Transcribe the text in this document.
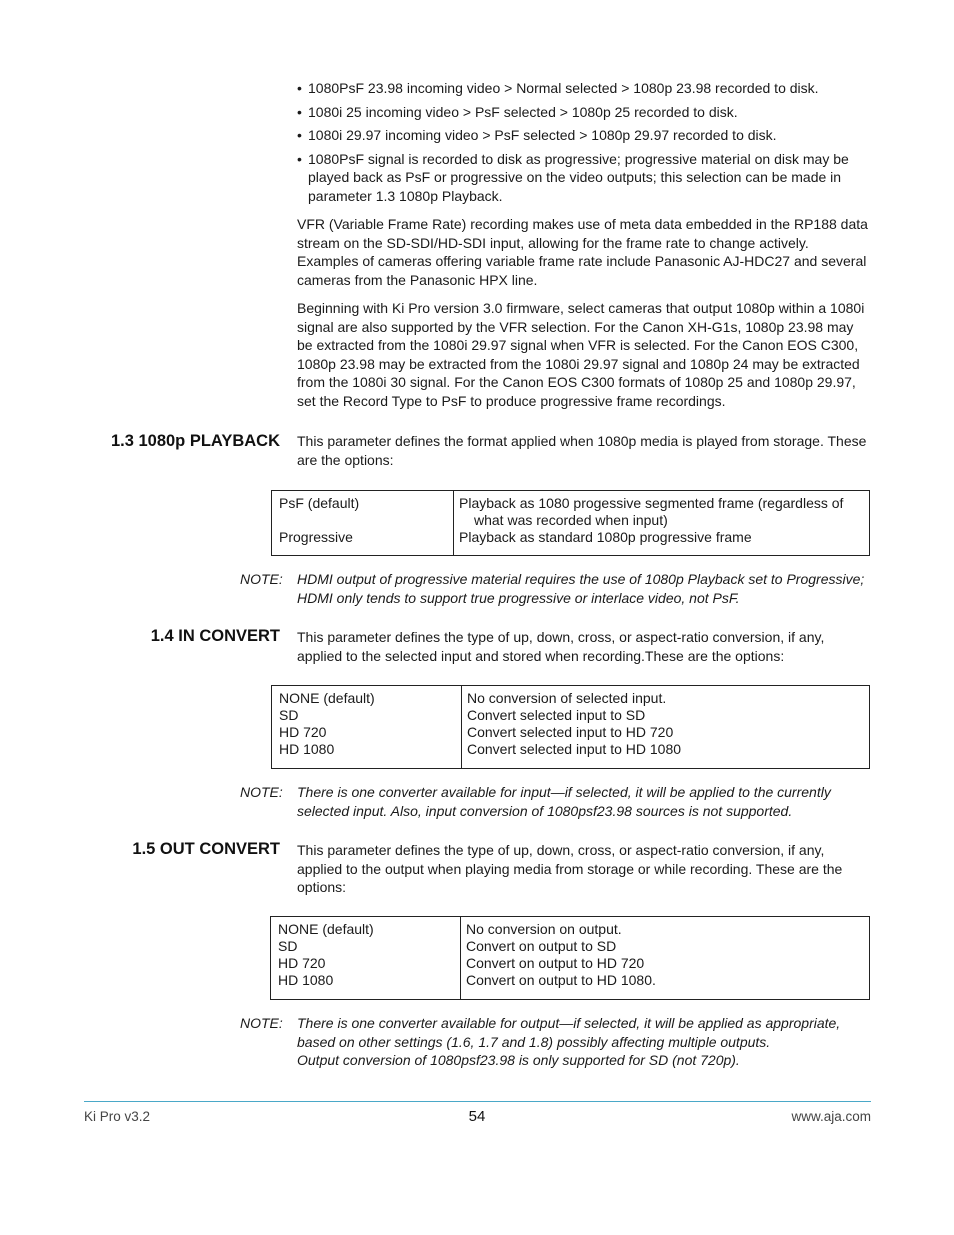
• 1080PsF 23.98 incoming video > Normal selected > 1080p 23.98 recorded to disk.
• 1080i 25 incoming video > PsF selected > 1080p 25 recorded to disk.
• 1080i 29.97 incoming video > PsF selected > 1080p 29.97 recorded to disk.
• 1080PsF signal is recorded to disk as progressive; progressive material on disk may be played back as PsF or progressive on the video outputs; this selection can be made in parameter 1.3 1080p Playback.

VFR (Variable Frame Rate) recording makes use of meta data embedded in the RP188 data stream on the SD-SDI/HD-SDI input, allowing for the frame rate to change actively. Examples of cameras offering variable frame rate include Panasonic AJ-HDC27 and several cameras from the Panasonic HPX line.

Beginning with Ki Pro version 3.0 firmware, select cameras that output 1080p within a 1080i signal are also supported by the VFR selection. For the Canon XH-G1s, 1080p 23.98 may be extracted from the 1080i 29.97 signal when VFR is selected. For the Canon EOS C300, 1080p 23.98 may be extracted from the 1080i 29.97 signal and 1080p 24 may be extracted from the 1080i 30 signal. For the Canon EOS C300 formats of 1080p 25 and 1080p 29.97, set the Record Type to PsF to produce progressive frame recordings.

1.3 1080p PLAYBACK This parameter defines the format applied when 1080p media is played from storage. These are the options:

PsF (default)
Progressive
Playback as 1080 progessive segmented frame (regardless of
what was recorded when input)
Playback as standard 1080p progressive frame
NOTE: HDMI output of progressive material requires the use of 1080p Playback set to Progressive;
HDMI only tends to support true progressive or interlace video, not PsF.
1.4 IN CONVERT This parameter defines the type of up, down, cross, or aspect-ratio conversion, if any, applied to the selected input and stored when recording.These are the options:

NONE (default)
SD
HD 720
HD 1080
No conversion of selected input.
Convert selected input to SD
Convert selected input to HD 720
Convert selected input to HD 1080
NOTE: There is one converter available for input—if selected, it will be applied to the currently
selected input. Also, input conversion of 1080psf23.98 sources is not supported.
1.5 OUT CONVERT This parameter defines the type of up, down, cross, or aspect-ratio conversion, if any, applied to the output when playing media from storage or while recording. These are the options:

NONE (default)
SD
HD 720
HD 1080
No conversion on output.
Convert on output to SD
Convert on output to HD 720
Convert on output to HD 1080.
NOTE: There is one converter available for output—if selected, it will be applied as appropriate,
based on other settings (1.6, 1.7 and 1.8) possibly affecting multiple outputs.
Output conversion of 1080psf23.98 is only supported for SD (not 720p).
Ki Pro v3.2	54	www.aja.com
